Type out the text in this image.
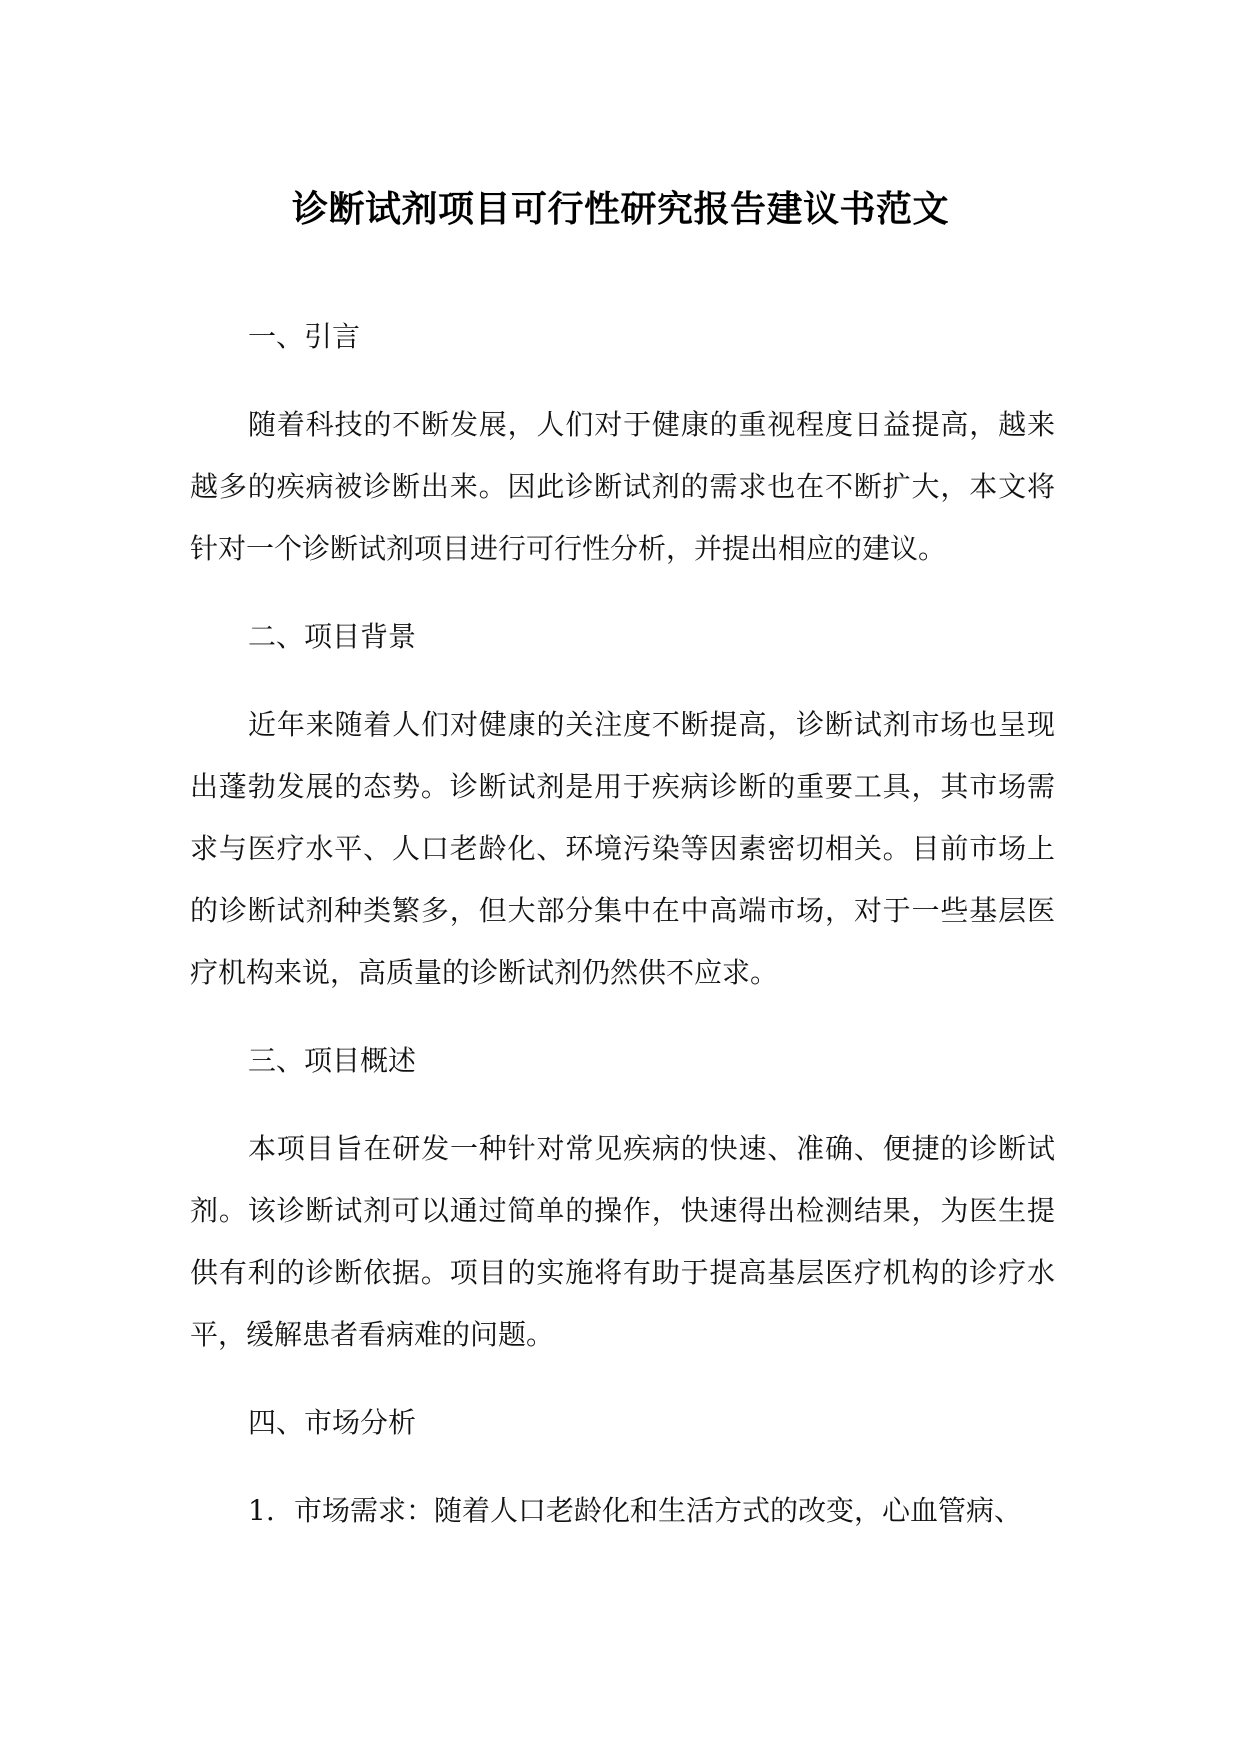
诊断试剂项目可行性研究报告建议书范文
一、引言

随着科技的不断发展，人们对于健康的重视程度日益提高，越来越多的疾病被诊断出来。因此诊断试剂的需求也在不断扩大，本文将针对一个诊断试剂项目进行可行性分析，并提出相应的建议。

二、项目背景

近年来随着人们对健康的关注度不断提高，诊断试剂市场也呈现出蓬勃发展的态势。诊断试剂是用于疾病诊断的重要工具，其市场需求与医疗水平、人口老龄化、环境污染等因素密切相关。目前市场上的诊断试剂种类繁多，但大部分集中在中高端市场，对于一些基层医疗机构来说，高质量的诊断试剂仍然供不应求。

三、项目概述

本项目旨在研发一种针对常见疾病的快速、准确、便捷的诊断试剂。该诊断试剂可以通过简单的操作，快速得出检测结果，为医生提供有利的诊断依据。项目的实施将有助于提高基层医疗机构的诊疗水平，缓解患者看病难的问题。

四、市场分析
1. 市场需求：随着人口老龄化和生活方式的改变，心血管病、
